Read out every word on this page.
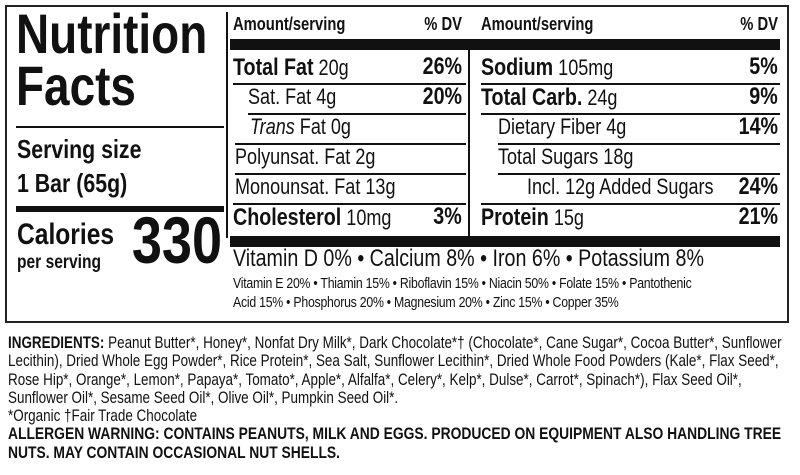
Nutrition
Facts
Serving size
1 Bar (65g)
Calories
per serving 330
Amount/serving	% DV Amount/serving	% DV
Total Fat 20g	26%
Sat. Fat 4g	20%
Trans Fat 0g
Polyunsat. Fat 2g
Monounsat. Fat 13g
Cholesterol 10mg 3%
Sodium 105mg	5%
Total Carb. 24g	9%
Dietary Fiber 4g	14%
Total Sugars 18g
Incl. 12g Added Sugars 24%
Protein 15g	21%
Vitamin D 0% • Calcium 8% • Iron 6% • Potassium 8%
Vitamin E 20% • Thiamin 15% • Riboflavin 15% • Niacin 50% • Folate 15% • Pantothenic
Acid 15% • Phosphorus 20% • Magnesium 20% • Zinc 15% • Copper 35%

INGREDIENTS: Peanut Butter*, Honey*, Nonfat Dry Milk*, Dark Chocolate*† (Chocolate*, Cane Sugar*, Cocoa Butter*, Sunflower Lecithin), Dried Whole Egg Powder*, Rice Protein*, Sea Salt, Sunflower Lecithin*, Dried Whole Food Powders (Kale*, Flax Seed*, Rose Hip*, Orange*, Lemon*, Papaya*, Tomato*, Apple*, Alfalfa*, Celery*, Kelp*, Dulse*, Carrot*, Spinach*), Flax Seed Oil*, Sunflower Oil*, Sesame Seed Oil*, Olive Oil*, Pumpkin Seed Oil*.

*Organic †Fair Trade Chocolate

ALLERGEN WARNING: CONTAINS PEANUTS, MILK AND EGGS. PRODUCED ON EQUIPMENT ALSO HANDLING TREE NUTS. MAY CONTAIN OCCASIONAL NUT SHELLS.
